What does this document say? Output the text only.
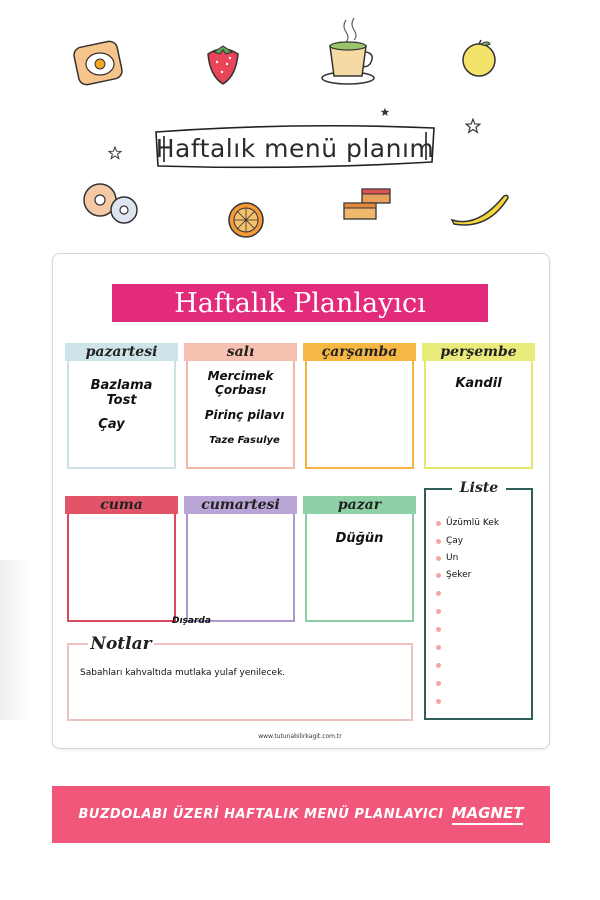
Haftalık menü planım
Haftalık Planlayıcı
pazartesi
Bazlama
Tost
Çay
salı
Mercimek
Çorbası
Pirinç pilavı
Taze Fasulye
çarşamba	perşembe
Kandil
cuma	cumartesi
Dışarda
pazar
Düğün
Liste
Üzümlü Kek
Çay
Un
Şeker
Notlar
Sabahları kahvaltıda mutlaka yulaf yenilecek.
www.tutunabilirkagit.com.tr
BUZDOLABI ÜZERİ HAFTALIK MENÜ PLANLAYICI MAGNET
